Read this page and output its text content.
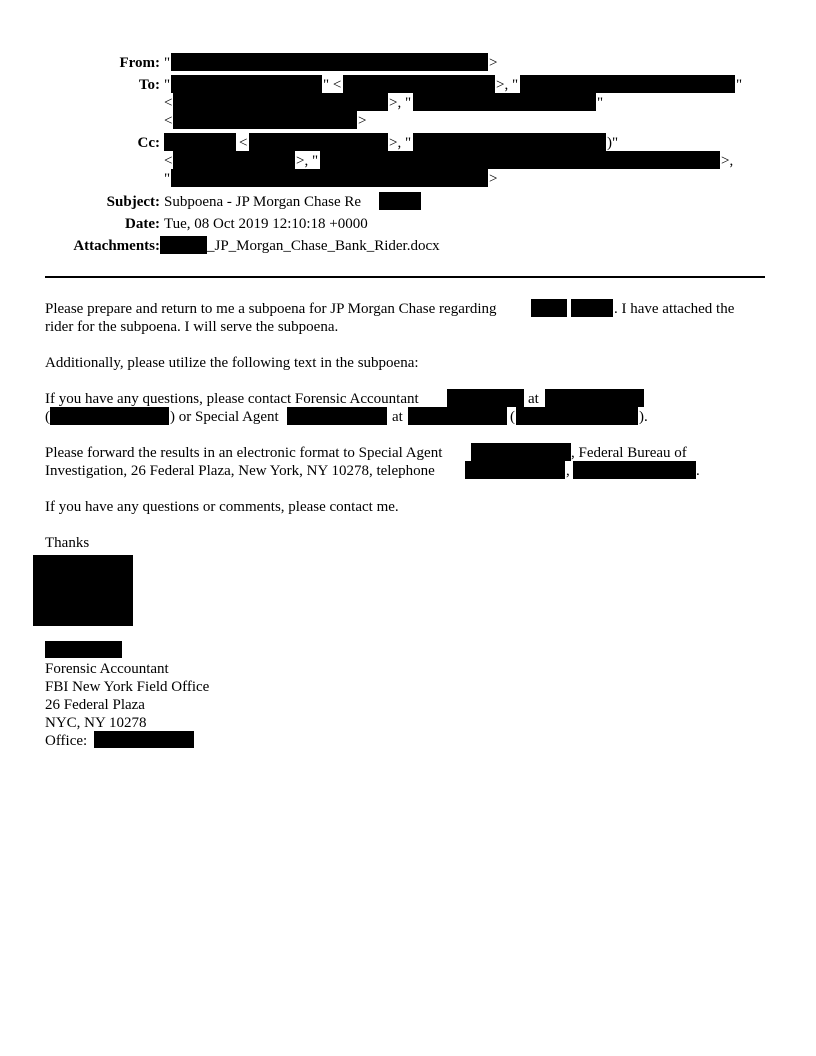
From: "	>
To: "	" <	>, "	"
<	>, "	"
<	>
Cc:	<	>, "	)"
<	>, "	>,
"	>
Subject: Subpoena - JP Morgan Chase Re
Date: Tue, 08 Oct 2019 12:10:18 +0000
Attachments:	_JP_Morgan_Chase_Bank_Rider.docx
Please prepare and return to me a subpoena for JP Morgan Chase regarding	. I have attached the
rider for the subpoena. I will serve the subpoena.
Additionally, please utilize the following text in the subpoena:
If you have any questions, please contact Forensic Accountant	at
(	) or Special Agent	at	(	).
Please forward the results in an electronic format to Special Agent	, Federal Bureau of
Investigation, 26 Federal Plaza, New York, NY 10278, telephone	,	.
If you have any questions or comments, please contact me.
Thanks
Forensic Accountant
FBI New York Field Office
26 Federal Plaza
NYC, NY 10278
Office:
